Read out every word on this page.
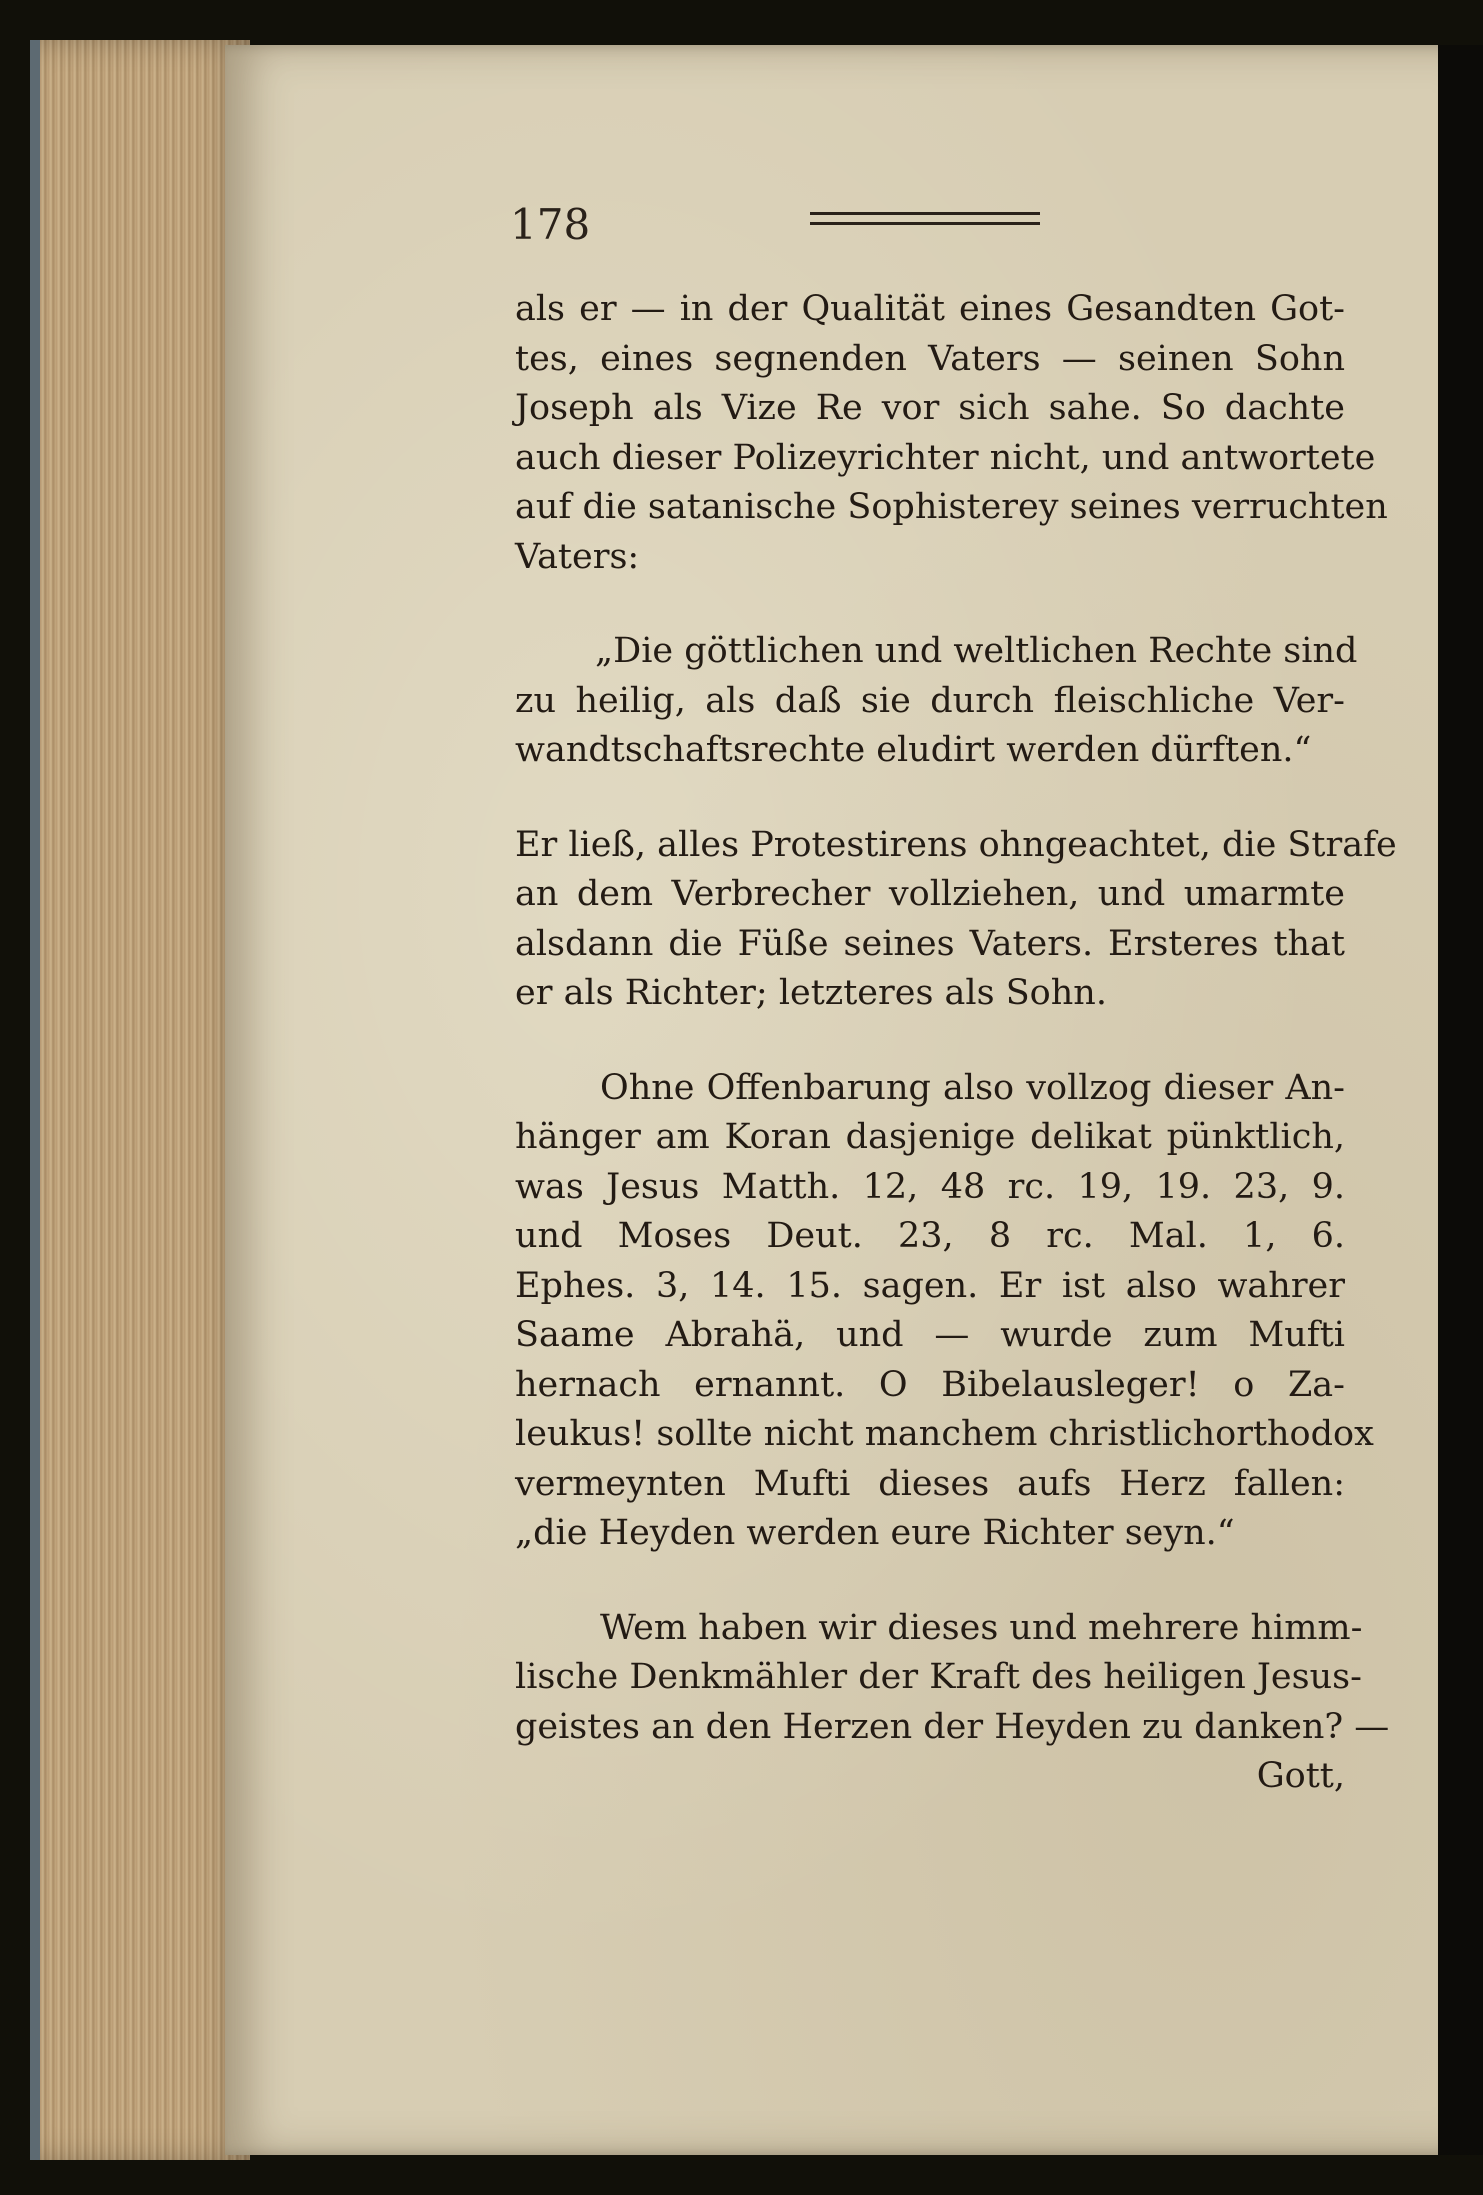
178
als er — in der Qualität eines Gesandten Got-
tes, eines segnenden Vaters — seinen Sohn
Joseph als Vize Re vor sich sahe. So dachte
auch dieser Polizeyrichter nicht, und antwortete
auf die satanische Sophisterey seines verruchten
Vaters:
„Die göttlichen und weltlichen Rechte sind
zu heilig, als daß sie durch fleischliche Ver-
wandtschaftsrechte eludirt werden dürften.“
Er ließ, alles Protestirens ohngeachtet, die Strafe
an dem Verbrecher vollziehen, und umarmte
alsdann die Füße seines Vaters. Ersteres that
er als Richter; letzteres als Sohn.
Ohne Offenbarung also vollzog dieser An-
hänger am Koran dasjenige delikat pünktlich,
was Jesus Matth. 12, 48 rc. 19, 19. 23, 9.
und Moses Deut. 23, 8 rc. Mal. 1, 6.
Ephes. 3, 14. 15. sagen. Er ist also wahrer
Saame Abrahä, und — wurde zum Mufti
hernach ernannt. O Bibelausleger! o Za-
leukus! sollte nicht manchem christlichorthodox
vermeynten Mufti dieses aufs Herz fallen:
„die Heyden werden eure Richter seyn.“
Wem haben wir dieses und mehrere himm-
lische Denkmähler der Kraft des heiligen Jesus-
geistes an den Herzen der Heyden zu danken? —
Gott,
